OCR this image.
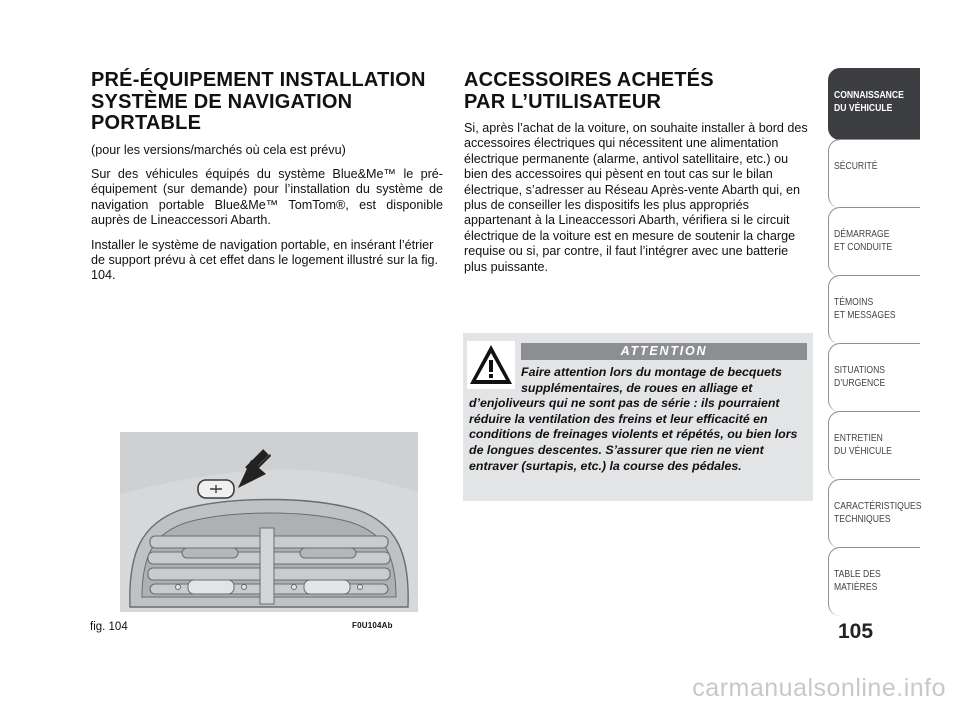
PRÉ-ÉQUIPEMENT INSTALLATION
SYSTÈME DE NAVIGATION
PORTABLE

(pour les versions/marchés où cela est prévu)

Sur des véhicules équipés du système Blue&Me™ le pré-équipement (sur demande) pour l’installation du système de navigation portable Blue&Me™ TomTom®, est disponible auprès de Lineaccessori Abarth.

Installer le système de navigation portable, en insérant l’étrier de support prévu à cet effet dans le logement illustré sur la fig. 104.

fig. 104	F0U104Ab
ACCESSOIRES ACHETÉS
PAR L’UTILISATEUR

Si, après l’achat de la voiture, on souhaite installer à bord des accessoires électriques qui nécessitent une alimentation électrique permanente (alarme, antivol satellitaire, etc.) ou bien des accessoires qui pèsent en tout cas sur le bilan électrique, s’adresser au Réseau Après-vente Abarth qui, en plus de conseiller les dispositifs les plus appropriés appartenant à la Lineaccessori Abarth, vérifiera si le circuit électrique de la voiture est en mesure de soutenir la charge requise ou si, par contre, il faut l’intégrer avec une batterie plus puissante.

ATTENTION

Faire attention lors du montage de becquets supplémentaires, de roues en alliage et d’enjoliveurs qui ne sont pas de série : ils pourraient réduire la ventilation des freins et leur efficacité en conditions de freinages violents et répétés, ou bien lors de longues descentes. S’assurer que rien ne vient entraver (surtapis, etc.) la course des pédales.

CONNAISSANCE
DU VÉHICULE
SÉCURITÉ
DÉMARRAGE
ET CONDUITE
TÉMOINS
ET MESSAGES
SITUATIONS
D’URGENCE
ENTRETIEN
DU VÉHICULE
CARACTÉRISTIQUES
TECHNIQUES
TABLE DES
MATIÈRES
105
carmanualsonline.info
